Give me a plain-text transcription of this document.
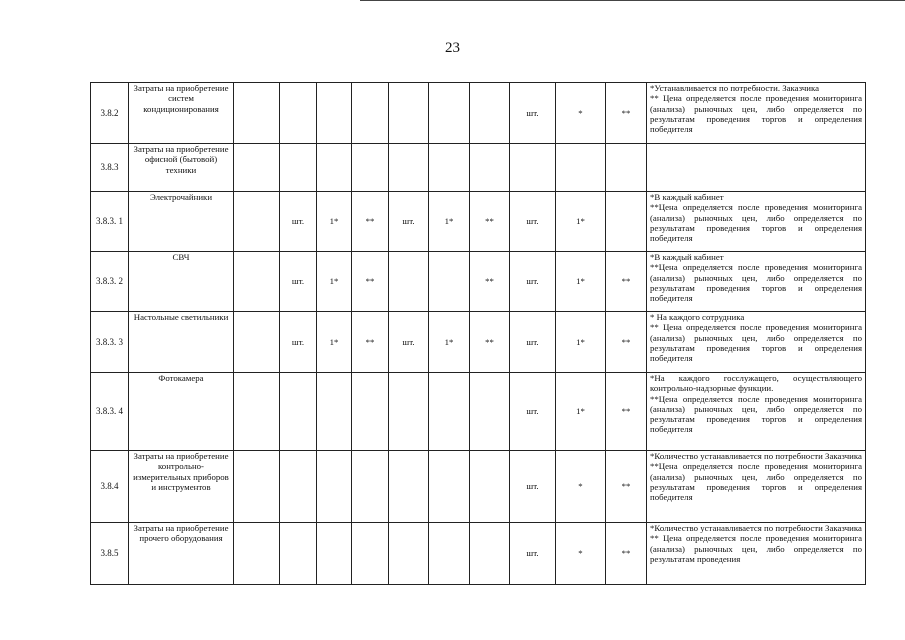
23
3.8.2	Затраты на приобретение систем кондиционирования								шт.	*	**	*Устанавливается по потребности. Заказчика
** Цена определяется после проведения мониторинга (анализа) рыночных цен, либо определяется по результатам проведения торгов и определения победителя

3.8.3	Затраты на приобретение офисной (бытовой) техники											
3.8.3. 1	Электрочайники		шт.	1*	**	шт.	1*	**	шт.	1*		*В каждый кабинет
**Цена определяется после проведения мониторинга (анализа) рыночных цен, либо определяется по результатам проведения торгов и определения победителя

3.8.3. 2	СВЧ		шт.	1*	**			**	шт.	1*	**	*В каждый кабинет
**Цена определяется после проведения мониторинга (анализа) рыночных цен, либо определяется по результатам проведения торгов и определения победителя

3.8.3. 3	Настольные светильники		шт.	1*	**	шт.	1*	**	шт.	1*	**	* На каждого сотрудника
** Цена определяется после проведения мониторинга (анализа) рыночных цен, либо определяется по результатам проведения торгов и определения победителя

3.8.3. 4	Фотокамера								шт.	1*	**	*На каждого госслужащего, осуществляющего контрольно-надзорные функции.
**Цена определяется после проведения мониторинга (анализа) рыночных цен, либо определяется по результатам проведения торгов и определения победителя

3.8.4	Затраты на приобретение контрольно-измерительных приборов и инструментов								шт.	*	**	*Количество устанавливается по потребности Заказчика
**Цена определяется после проведения мониторинга (анализа) рыночных цен, либо определяется по результатам проведения торгов и определения победителя

3.8.5	Затраты на приобретение прочего оборудования								шт.	*	**	*Количество устанавливается по потребности Заказчика
** Цена определяется после проведения мониторинга (анализа) рыночных цен, либо определяется по результатам проведения
